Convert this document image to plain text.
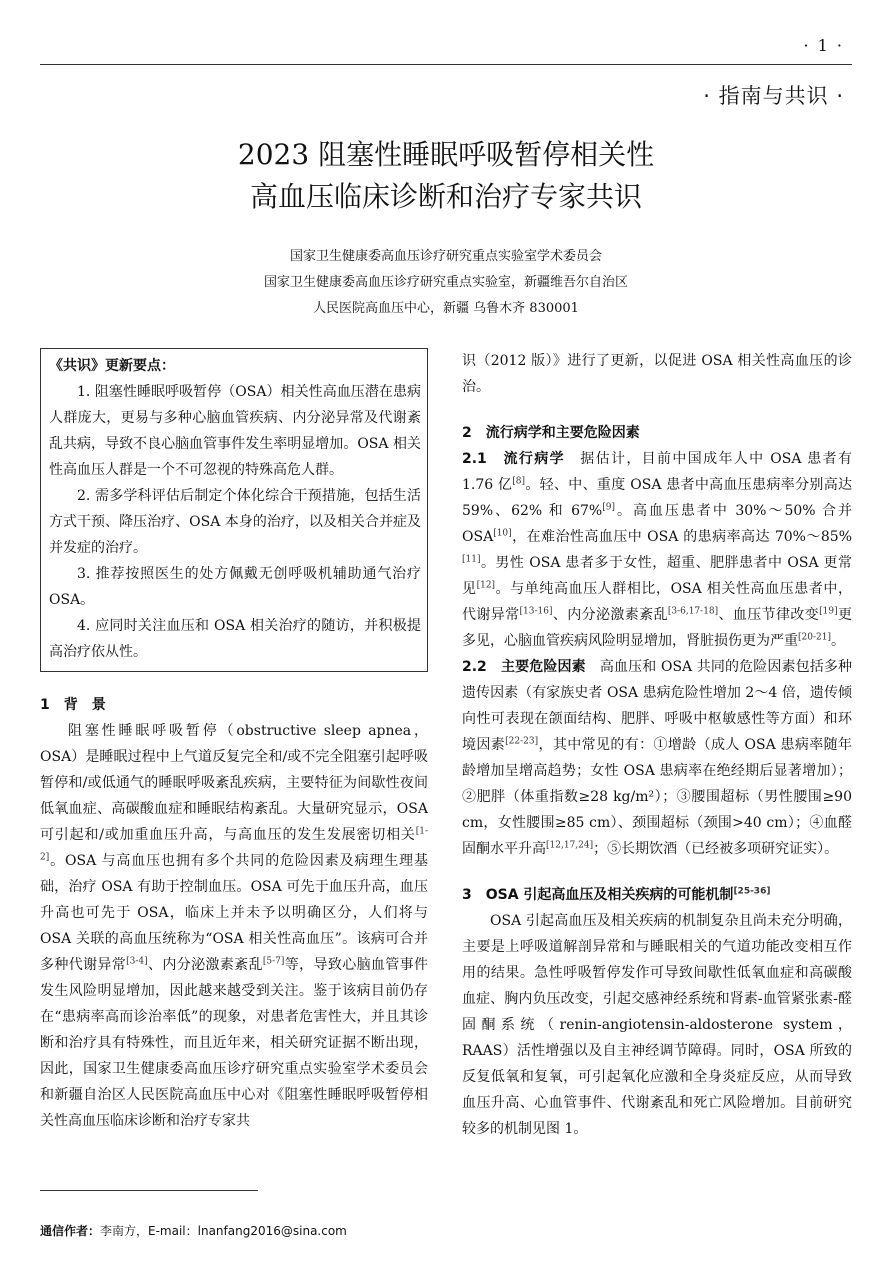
· 1 ·
· 指南与共识 ·
2023 阻塞性睡眠呼吸暂停相关性
高血压临床诊断和治疗专家共识
国家卫生健康委高血压诊疗研究重点实验室学术委员会
国家卫生健康委高血压诊疗研究重点实验室，新疆维吾尔自治区
人民医院高血压中心，新疆 乌鲁木齐 830001
《共识》更新要点：
1. 阻塞性睡眠呼吸暂停（OSA）相关性高血压潜在患病人群庞大，更易与多种心脑血管疾病、内分泌异常及代谢紊乱共病，导致不良心脑血管事件发生率明显增加。OSA 相关性高血压人群是一个不可忽视的特殊高危人群。
2. 需多学科评估后制定个体化综合干预措施，包括生活方式干预、降压治疗、OSA 本身的治疗，以及相关合并症及并发症的治疗。
3. 推荐按照医生的处方佩戴无创呼吸机辅助通气治疗 OSA。
4. 应同时关注血压和 OSA 相关治疗的随访，并积极提高治疗依从性。
1　背　景
阻塞性睡眠呼吸暂停（obstructive sleep apnea，OSA）是睡眠过程中上气道反复完全和/或不完全阻塞引起呼吸暂停和/或低通气的睡眠呼吸紊乱疾病，主要特征为间歇性夜间低氧血症、高碳酸血症和睡眠结构紊乱。大量研究显示，OSA 可引起和/或加重血压升高，与高血压的发生发展密切相关[1-2]。OSA 与高血压也拥有多个共同的危险因素及病理生理基础，治疗 OSA 有助于控制血压。OSA 可先于血压升高，血压升高也可先于 OSA，临床上并未予以明确区分，人们将与 OSA 关联的高血压统称为“OSA 相关性高血压”。该病可合并多种代谢异常[3-4]、内分泌激素紊乱[5-7]等，导致心脑血管事件发生风险明显增加，因此越来越受到关注。鉴于该病目前仍存在“患病率高而诊治率低”的现象，对患者危害性大，并且其诊断和治疗具有特殊性，而且近年来，相关研究证据不断出现，因此，国家卫生健康委高血压诊疗研究重点实验室学术委员会和新疆自治区人民医院高血压中心对《阻塞性睡眠呼吸暂停相关性高血压临床诊断和治疗专家共
识（2012 版）》进行了更新，以促进 OSA 相关性高血压的诊治。
2　流行病学和主要危险因素
2.1　流行病学　据估计，目前中国成年人中 OSA 患者有 1.76 亿[8]。轻、中、重度 OSA 患者中高血压患病率分别高达 59%、62% 和 67%[9]。高血压患者中 30%～50% 合并 OSA[10]，在难治性高血压中 OSA 的患病率高达 70%～85%[11]。男性 OSA 患者多于女性，超重、肥胖患者中 OSA 更常见[12]。与单纯高血压人群相比，OSA 相关性高血压患者中，代谢异常[13-16]、内分泌激素紊乱[3-6,17-18]、血压节律改变[19]更多见，心脑血管疾病风险明显增加，肾脏损伤更为严重[20-21]。
2.2　主要危险因素　高血压和 OSA 共同的危险因素包括多种遗传因素（有家族史者 OSA 患病危险性增加 2～4 倍，遗传倾向性可表现在颌面结构、肥胖、呼吸中枢敏感性等方面）和环境因素[22-23]，其中常见的有：①增龄（成人 OSA 患病率随年龄增加呈增高趋势；女性 OSA 患病率在绝经期后显著增加）；②肥胖（体重指数≥28 kg/m²）；③腰围超标（男性腰围≥90 cm，女性腰围≥85 cm）、颈围超标（颈围>40 cm）；④血醛固酮水平升高[12,17,24]；⑤长期饮酒（已经被多项研究证实）。
3　OSA 引起高血压及相关疾病的可能机制[25-36]
OSA 引起高血压及相关疾病的机制复杂且尚未充分明确，主要是上呼吸道解剖异常和与睡眠相关的气道功能改变相互作用的结果。急性呼吸暂停发作可导致间歇性低氧血症和高碳酸血症、胸内负压改变，引起交感神经系统和肾素-血管紧张素-醛固酮系统（renin-angiotensin-aldosterone system，RAAS）活性增强以及自主神经调节障碍。同时，OSA 所致的反复低氧和复氧，可引起氧化应激和全身炎症反应，从而导致血压升高、心血管事件、代谢紊乱和死亡风险增加。目前研究较多的机制见图 1。
通信作者：李南方，E-mail：lnanfang2016@sina.com
